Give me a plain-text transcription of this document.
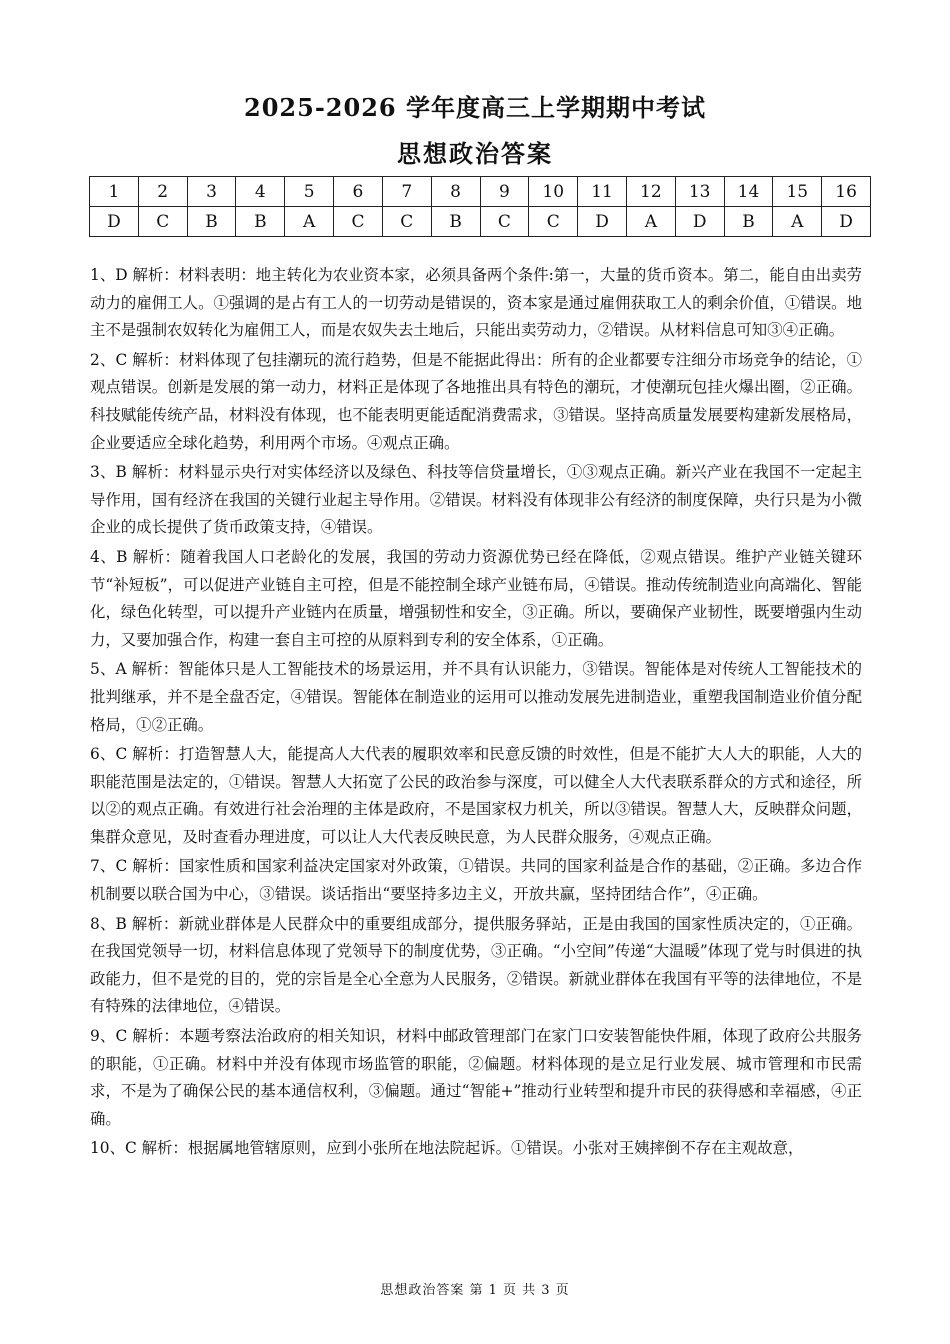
2025-2026 学年度高三上学期期中考试
思想政治答案
1	2	3	4	5	6	7	8	9	10	11	12	13	14	15	16
D	C	B	B	A	C	C	B	C	C	D	A	D	B	A	D

1、D 解析：材料表明：地主转化为农业资本家，必须具备两个条件:第一，大量的货币资本。第二，能自由出卖劳动力的雇佣工人。①强调的是占有工人的一切劳动是错误的，资本家是通过雇佣获取工人的剩余价值，①错误。地主不是强制农奴转化为雇佣工人，而是农奴失去土地后，只能出卖劳动力，②错误。从材料信息可知③④正确。

2、C 解析：材料体现了包挂潮玩的流行趋势，但是不能据此得出：所有的企业都要专注细分市场竞争的结论，①观点错误。创新是发展的第一动力，材料正是体现了各地推出具有特色的潮玩，才使潮玩包挂火爆出圈，②正确。科技赋能传统产品，材料没有体现，也不能表明更能适配消费需求，③错误。坚持高质量发展要构建新发展格局，企业要适应全球化趋势，利用两个市场。④观点正确。

3、B 解析：材料显示央行对实体经济以及绿色、科技等信贷量增长，①③观点正确。新兴产业在我国不一定起主导作用，国有经济在我国的关键行业起主导作用。②错误。材料没有体现非公有经济的制度保障，央行只是为小微企业的成长提供了货币政策支持，④错误。

4、B 解析：随着我国人口老龄化的发展，我国的劳动力资源优势已经在降低，②观点错误。维护产业链关键环节“补短板”，可以促进产业链自主可控，但是不能控制全球产业链布局，④错误。推动传统制造业向高端化、智能化，绿色化转型，可以提升产业链内在质量，增强韧性和安全，③正确。所以，要确保产业韧性，既要增强内生动力，又要加强合作，构建一套自主可控的从原料到专利的安全体系，①正确。

5、A 解析：智能体只是人工智能技术的场景运用，并不具有认识能力，③错误。智能体是对传统人工智能技术的批判继承，并不是全盘否定，④错误。智能体在制造业的运用可以推动发展先进制造业，重塑我国制造业价值分配格局，①②正确。

6、C 解析：打造智慧人大，能提高人大代表的履职效率和民意反馈的时效性，但是不能扩大人大的职能，人大的职能范围是法定的，①错误。智慧人大拓宽了公民的政治参与深度，可以健全人大代表联系群众的方式和途径，所以②的观点正确。有效进行社会治理的主体是政府，不是国家权力机关，所以③错误。智慧人大，反映群众问题，集群众意见，及时查看办理进度，可以让人大代表反映民意，为人民群众服务，④观点正确。

7、C 解析：国家性质和国家利益决定国家对外政策，①错误。共同的国家利益是合作的基础，②正确。多边合作机制要以联合国为中心，③错误。谈话指出“要坚持多边主义，开放共赢，坚持团结合作”，④正确。

8、B 解析：新就业群体是人民群众中的重要组成部分，提供服务驿站，正是由我国的国家性质决定的，①正确。在我国党领导一切，材料信息体现了党领导下的制度优势，③正确。“小空间”传递“大温暖”体现了党与时俱进的执政能力，但不是党的目的，党的宗旨是全心全意为人民服务，②错误。新就业群体在我国有平等的法律地位，不是有特殊的法律地位，④错误。

9、C 解析：本题考察法治政府的相关知识，材料中邮政管理部门在家门口安装智能快件厢，体现了政府公共服务的职能，①正确。材料中并没有体现市场监管的职能，②偏题。材料体现的是立足行业发展、城市管理和市民需求，不是为了确保公民的基本通信权利，③偏题。通过“智能+”推动行业转型和提升市民的获得感和幸福感，④正确。

10、C 解析：根据属地管辖原则，应到小张所在地法院起诉。①错误。小张对王姨摔倒不存在主观故意，

思想政治答案 第 1 页 共 3 页
